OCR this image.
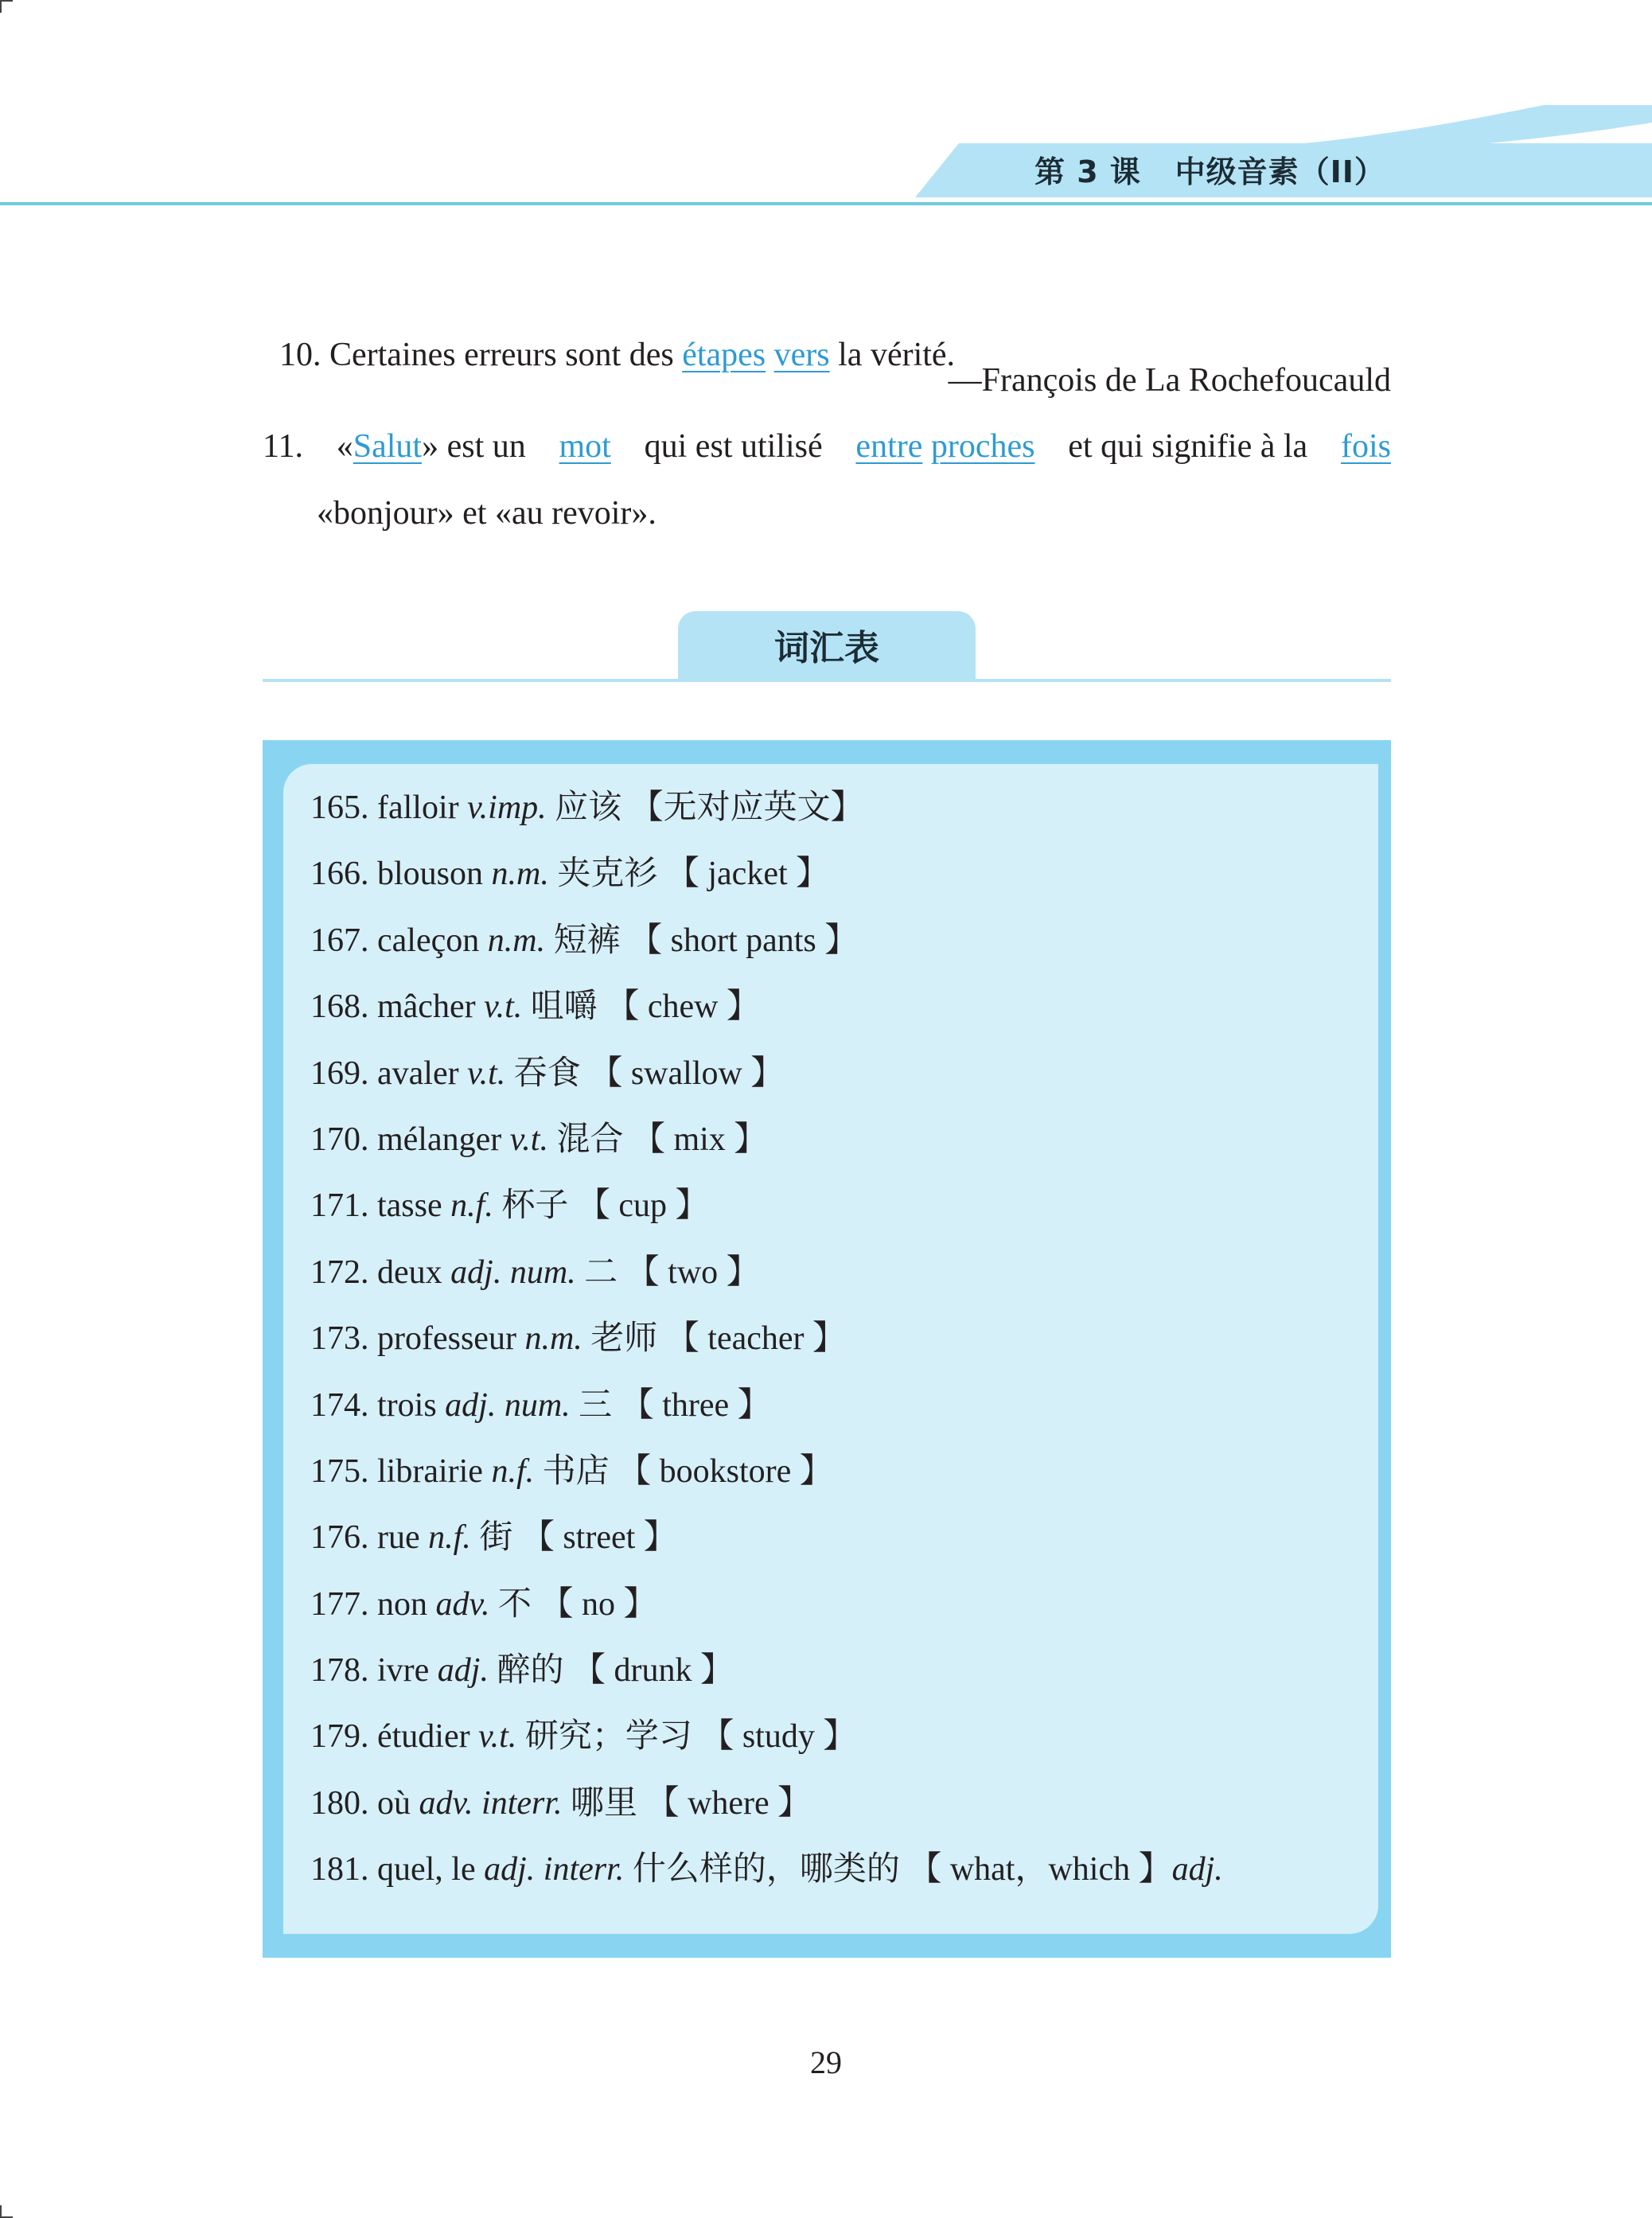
第 3 课   中级音素（II）

10. Certaines erreurs sont des étapes vers la vérité.

—François de La Rochefoucauld
11. «Salut» est un mot qui est utilisé entre proches et qui signifie à la fois
«bonjour» et «au revoir».
词汇表
165. falloir v.imp. 应该 【无对应英文】
166. blouson n.m. 夹克衫 【 jacket 】
167. caleçon n.m. 短裤 【 short pants 】
168. mâcher v.t. 咀嚼 【 chew 】
169. avaler v.t. 吞食 【 swallow 】
170. mélanger v.t. 混合 【 mix 】
171. tasse n.f. 杯子 【 cup 】
172. deux adj. num. 二 【 two 】
173. professeur n.m. 老师 【 teacher 】
174. trois adj. num. 三 【 three 】
175. librairie n.f. 书店 【 bookstore 】
176. rue n.f. 街 【 street 】
177. non adv. 不 【 no 】
178. ivre adj. 醉的 【 drunk 】
179. étudier v.t. 研究；学习 【 study 】
180. où adv. interr. 哪里 【 where 】
181. quel, le adj. interr. 什么样的，哪类的 【 what，which 】adj.
29
